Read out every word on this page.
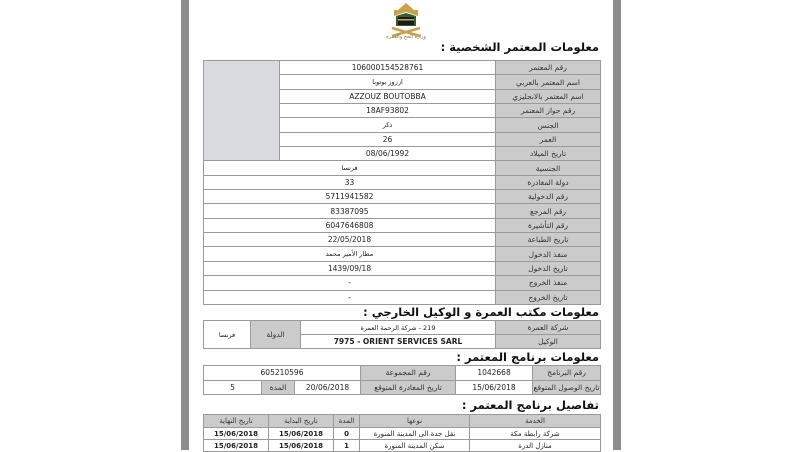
وزارة الحج والعمرة
معلومات المعتمر الشخصية :
	106000154528761	رقم المعتمر
	ازروز بوتوبا	اسم المعتمر بالعربي
	AZZOUZ BOUTOBBA	اسم المعتمر بالانجليزي
	18AF93802	رقم جواز المعتمر
	ذكر	الجنس
	26	العمر
	08/06/1992	تاريخ الميلاد
فرنسا		الجنسية
33		دولة المغادرة
5711941582		رقم الدخولية
83387095		رقم المرجع
6047646808		رقم التأشيرة
22/05/2018		تاريخ الطباعة
مطار الأمير محمد		منفذ الدخول
1439/09/18		تاريخ الدخول
-		منفذ الخروج
-		تاريخ الخروج
معلومات مكتب العمرة و الوكيل الخارجي :
فرنسا	الدولة	219 - شركة الرحمة العمرة	شركة العمرة
		7975 - ORIENT SERVICES SARL	الوكيل
معلومات برنامج المعتمر :
605210596			رقم المجموعة	1042668	رقم البرنامج
5	المدة	20/06/2018	تاريخ المغادرة المتوقع	15/06/2018	تاريخ الوصول المتوقع
تفاصيل برنامج المعتمر :
تاريخ النهاية	تاريخ البداية	المدة	نوعها	الخدمة
15/06/2018	15/06/2018	0	نقل جدة الى المدينة المنورة	شركة رابطة مكة
15/06/2018	15/06/2018	1	سكن المدينة المنورة	منازل الدرة
